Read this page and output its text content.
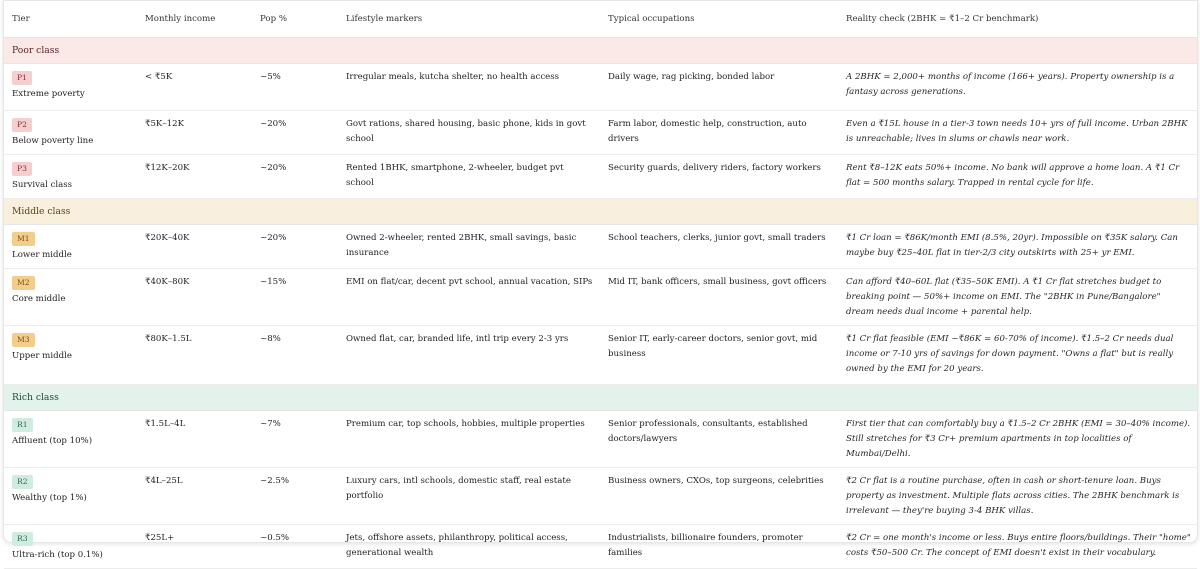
Tier	Monthly income	Pop %	Lifestyle markers	Typical occupations	Reality check (2BHK = ₹1–2 Cr benchmark)
Poor class					
P1
Extreme poverty	< ₹5K	~5%	Irregular meals, kutcha shelter, no health access	Daily wage, rag picking, bonded labor	A 2BHK = 2,000+ months of income (166+ years). Property ownership is a fantasy across generations.
P2
Below poverty line	₹5K–12K	~20%	Govt rations, shared housing, basic phone, kids in govt school	Farm labor, domestic help, construction, auto drivers	Even a ₹15L house in a tier-3 town needs 10+ yrs of full income. Urban 2BHK is unreachable; lives in slums or chawls near work.
P3
Survival class	₹12K–20K	~20%	Rented 1BHK, smartphone, 2-wheeler, budget pvt school	Security guards, delivery riders, factory workers	Rent ₹8–12K eats 50%+ income. No bank will approve a home loan. A ₹1 Cr flat = 500 months salary. Trapped in rental cycle for life.
Middle class					
M1
Lower middle	₹20K–40K	~20%	Owned 2-wheeler, rented 2BHK, small savings, basic insurance	School teachers, clerks, junior govt, small traders	₹1 Cr loan = ₹86K/month EMI (8.5%, 20yr). Impossible on ₹35K salary. Can maybe buy ₹25–40L flat in tier-2/3 city outskirts with 25+ yr EMI.
M2
Core middle	₹40K–80K	~15%	EMI on flat/car, decent pvt school, annual vacation, SIPs	Mid IT, bank officers, small business, govt officers	Can afford ₹40–60L flat (₹35–50K EMI). A ₹1 Cr flat stretches budget to breaking point — 50%+ income on EMI. The "2BHK in Pune/Bangalore" dream needs dual income + parental help.
M3
Upper middle	₹80K–1.5L	~8%	Owned flat, car, branded life, intl trip every 2-3 yrs	Senior IT, early-career doctors, senior govt, mid business	₹1 Cr flat feasible (EMI ~₹86K = 60-70% of income). ₹1.5–2 Cr needs dual income or 7-10 yrs of savings for down payment. "Owns a flat" but is really owned by the EMI for 20 years.
Rich class					
R1
Affluent (top 10%)	₹1.5L–4L	~7%	Premium car, top schools, hobbies, multiple properties	Senior professionals, consultants, established doctors/lawyers	First tier that can comfortably buy a ₹1.5–2 Cr 2BHK (EMI = 30–40% income). Still stretches for ₹3 Cr+ premium apartments in top localities of Mumbai/Delhi.
R2
Wealthy (top 1%)	₹4L–25L	~2.5%	Luxury cars, intl schools, domestic staff, real estate portfolio	Business owners, CXOs, top surgeons, celebrities	₹2 Cr flat is a routine purchase, often in cash or short-tenure loan. Buys property as investment. Multiple flats across cities. The 2BHK benchmark is irrelevant — they're buying 3-4 BHK villas.
R3
Ultra-rich (top 0.1%)	₹25L+	~0.5%	Jets, offshore assets, philanthropy, political access, generational wealth	Industrialists, billionaire founders, promoter families	₹2 Cr = one month's income or less. Buys entire floors/buildings. Their "home" costs ₹50–500 Cr. The concept of EMI doesn't exist in their vocabulary.
